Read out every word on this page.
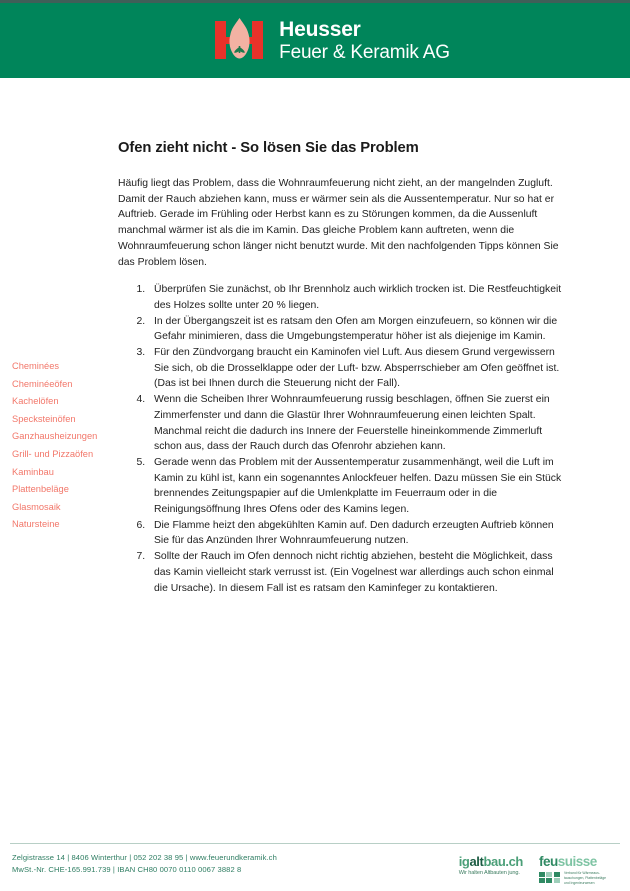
Heusser
Feuer & Keramik AG
Cheminées
Cheminéeöfen
Kachelöfen
Specksteinöfen
Ganzhausheizungen
Grill- und Pizzaöfen
Kaminbau
Plattenbeläge
Glasmosaik
Natursteine
Ofen zieht nicht - So lösen Sie das Problem

Häufig liegt das Problem, dass die Wohnraumfeuerung nicht zieht, an der mangelnden Zugluft. Damit der Rauch abziehen kann, muss er wärmer sein als die Aussentemperatur. Nur so hat er Auftrieb. Gerade im Frühling oder Herbst kann es zu Störungen kommen, da die Aussenluft manchmal wärmer ist als die im Kamin. Das gleiche Problem kann auftreten, wenn die Wohnraumfeuerung schon länger nicht benutzt wurde. Mit den nachfolgenden Tipps können Sie das Problem lösen.

1. Überprüfen Sie zunächst, ob Ihr Brennholz auch wirklich trocken ist. Die Restfeuchtigkeit des Holzes sollte unter 20 % liegen.
2. In der Übergangszeit ist es ratsam den Ofen am Morgen einzufeuern, so können wir die Gefahr minimieren, dass die Umgebungstemperatur höher ist als diejenige im Kamin.
3. Für den Zündvorgang braucht ein Kaminofen viel Luft. Aus diesem Grund vergewissern Sie sich, ob die Drosselklappe oder der Luft- bzw. Absperrschieber am Ofen geöffnet ist. (Das ist bei Ihnen durch die Steuerung nicht der Fall).
4. Wenn die Scheiben Ihrer Wohnraumfeuerung russig beschlagen, öffnen Sie zuerst ein Zimmerfenster und dann die Glastür Ihrer Wohnraumfeuerung einen leichten Spalt. Manchmal reicht die dadurch ins Innere der Feuerstelle hineinkommende Zimmerluft schon aus, dass der Rauch durch das Ofenrohr abziehen kann.
5. Gerade wenn das Problem mit der Aussentemperatur zusammenhängt, weil die Luft im Kamin zu kühl ist, kann ein sogenanntes Anlockfeuer helfen. Dazu müssen Sie ein Stück brennendes Zeitungspapier auf die Umlenkplatte im Feuerraum oder in die Reinigungsöffnung Ihres Ofens oder des Kamins legen.
6. Die Flamme heizt den abgekühlten Kamin auf. Den dadurch erzeugten Auftrieb können Sie für das Anzünden Ihrer Wohnraumfeuerung nutzen.
7. Sollte der Rauch im Ofen dennoch nicht richtig abziehen, besteht die Möglichkeit, dass das Kamin vielleicht stark verrusst ist. (Ein Vogelnest war allerdings auch schon einmal die Ursache). In diesem Fall ist es ratsam den Kaminfeger zu kontaktieren.
Zelgistrasse 14 | 8406 Winterthur | 052 202 38 95 | www.feuerundkeramik.ch
MwSt.-Nr. CHE-165.991.739 | IBAN CH80 0070 0110 0067 3882 8
igaltbau.ch
Wir halten Altbauten jung.
feusuisse
Verband für Wärmeaus-
tauschungen, Plattenbeläge
und Ingenieurwesen
